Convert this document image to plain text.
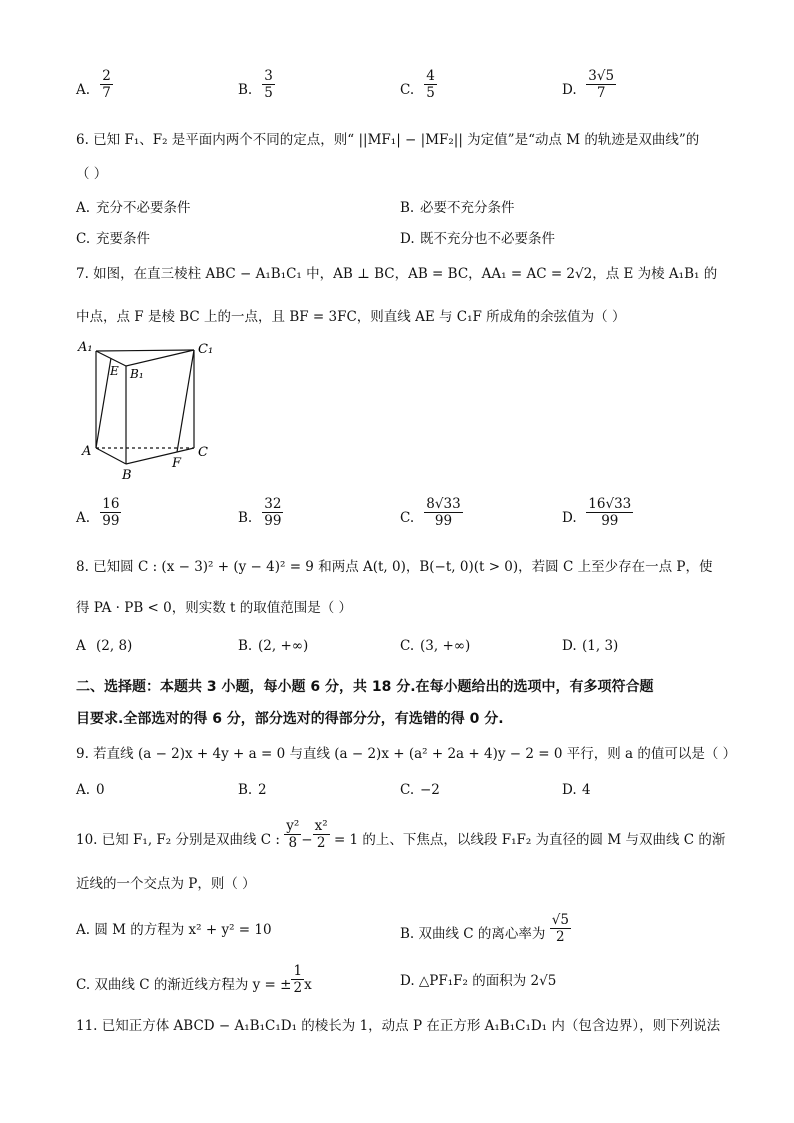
A. $\frac{2}{7}$	B. $\frac{3}{5}$	C. $\frac{4}{5}$	D. $\frac{3√5}{7}$
6. 已知 F₁、F₂ 是平面内两个不同的定点，则“ ||MF₁| − |MF₂|| 为定值”是“动点 M 的轨迹是双曲线”的
（ ）
A. 充分不必要条件	B. 必要不充分条件
C. 充要条件	D. 既不充分也不必要条件
7. 如图，在直三棱柱 ABC − A₁B₁C₁ 中，AB ⊥ BC，AB = BC，AA₁ = AC = 2√2，点 E 为棱 A₁B₁ 的
中点，点 F 是棱 BC 上的一点，且 BF = 3FC，则直线 AE 与 C₁F 所成角的余弦值为（ ）
A₁	C₁
E B₁
A
B
C
F
A. $\frac{16}{99}$	B. $\frac{32}{99}$	C. $\frac{8√33}{99}$	D. $\frac{16√33}{99}$
8. 已知圆 C : (x − 3)² + (y − 4)² = 9 和两点 A(t, 0)，B(−t, 0)(t > 0)，若圆 C 上至少存在一点 P，使
得 PA · PB < 0，则实数 t 的取值范围是（ ）
A (2, 8)	B. (2, +∞)	C. (3, +∞)	D. (1, 3)
二、选择题：本题共 3 小题，每小题 6 分，共 18 分.在每小题给出的选项中，有多项符合题
目要求.全部选对的得 6 分，部分选对的得部分分，有选错的得 0 分.
9. 若直线 (a − 2)x + 4y + a = 0 与直线 (a − 2)x + (a² + 2a + 4)y − 2 = 0 平行，则 a 的值可以是（ ）
A. 0	B. 2	C. −2	D. 4
10. 已知 F₁, F₂ 分别是双曲线 C : $\frac{\text{y²}}{8} - \frac{\text{x²}}{2} = 1$ 的上、下焦点，以线段 F₁F₂ 为直径的圆 M 与双曲线 C 的渐
近线的一个交点为 P，则（ ）
A. 圆 M 的方程为 x² + y² = 10	B. 双曲线 C 的离心率为 $\frac{√5}{2}$
C. 双曲线 C 的渐近线方程为 y = ± $\frac{1}{2}$ x	D. △PF₁F₂ 的面积为 2√5
11. 已知正方体 ABCD − A₁B₁C₁D₁ 的棱长为 1，动点 P 在正方形 A₁B₁C₁D₁ 内（包含边界），则下列说法
